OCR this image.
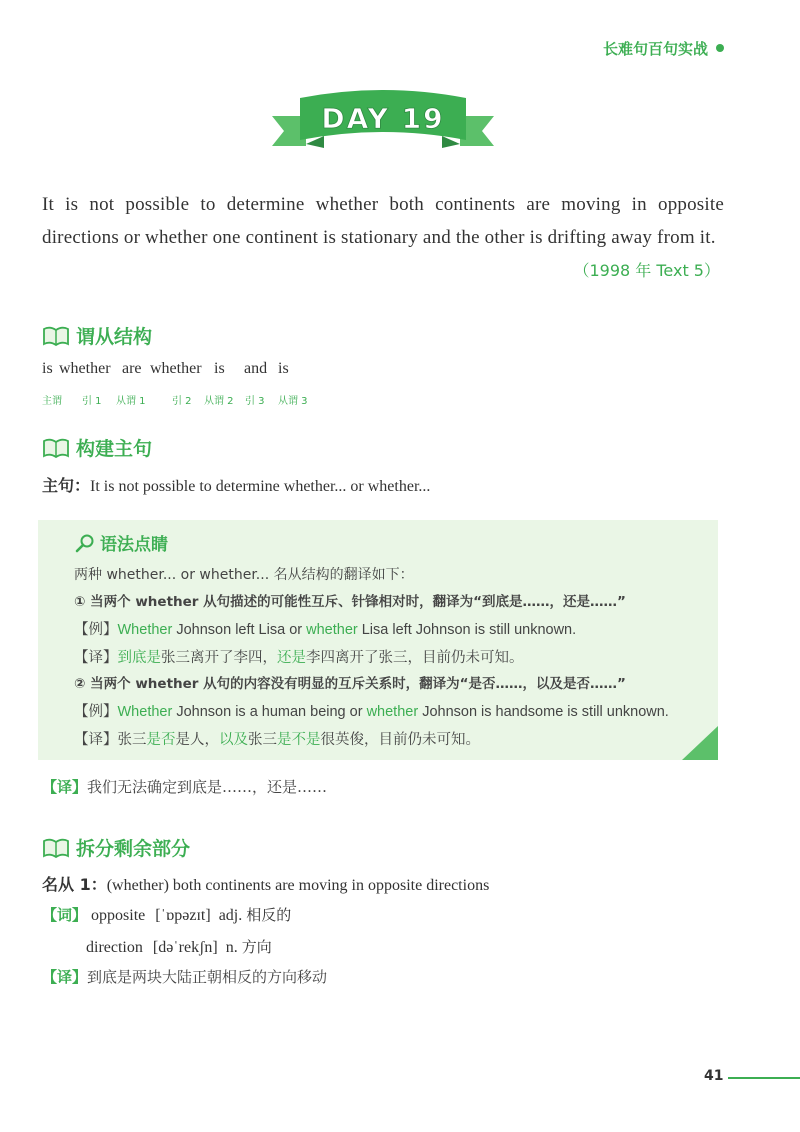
长难句百句实战
DAY 19
It is not possible to determine whether both continents are moving in opposite directions or whether one continent is stationary and the other is drifting away from it.
（1998 年 Text 5）
谓从结构
is whether are whether is and is
主谓 引 1 从谓 1	引 2 从谓 2 引 3 从谓 3
构建主句
主句：It is not possible to determine whether... or whether...
语法点睛
两种 whether... or whether... 名从结构的翻译如下：
① 当两个 whether 从句描述的可能性互斥、针锋相对时，翻译为“到底是……，还是……”
【例】Whether Johnson left Lisa or whether Lisa left Johnson is still unknown.
【译】到底是张三离开了李四，还是李四离开了张三，目前仍未可知。
② 当两个 whether 从句的内容没有明显的互斥关系时，翻译为“是否……，以及是否……”
【例】Whether Johnson is a human being or whether Johnson is handsome is still unknown.
【译】张三是否是人，以及张三是不是很英俊，目前仍未可知。
【译】我们无法确定到底是……，还是……
拆分剩余部分
名从 1：(whether) both continents are moving in opposite directions
【词】 opposite [ˈɒpəzɪt] adj. 相反的
direction [dəˈrekʃn] n. 方向
【译】到底是两块大陆正朝相反的方向移动
41
